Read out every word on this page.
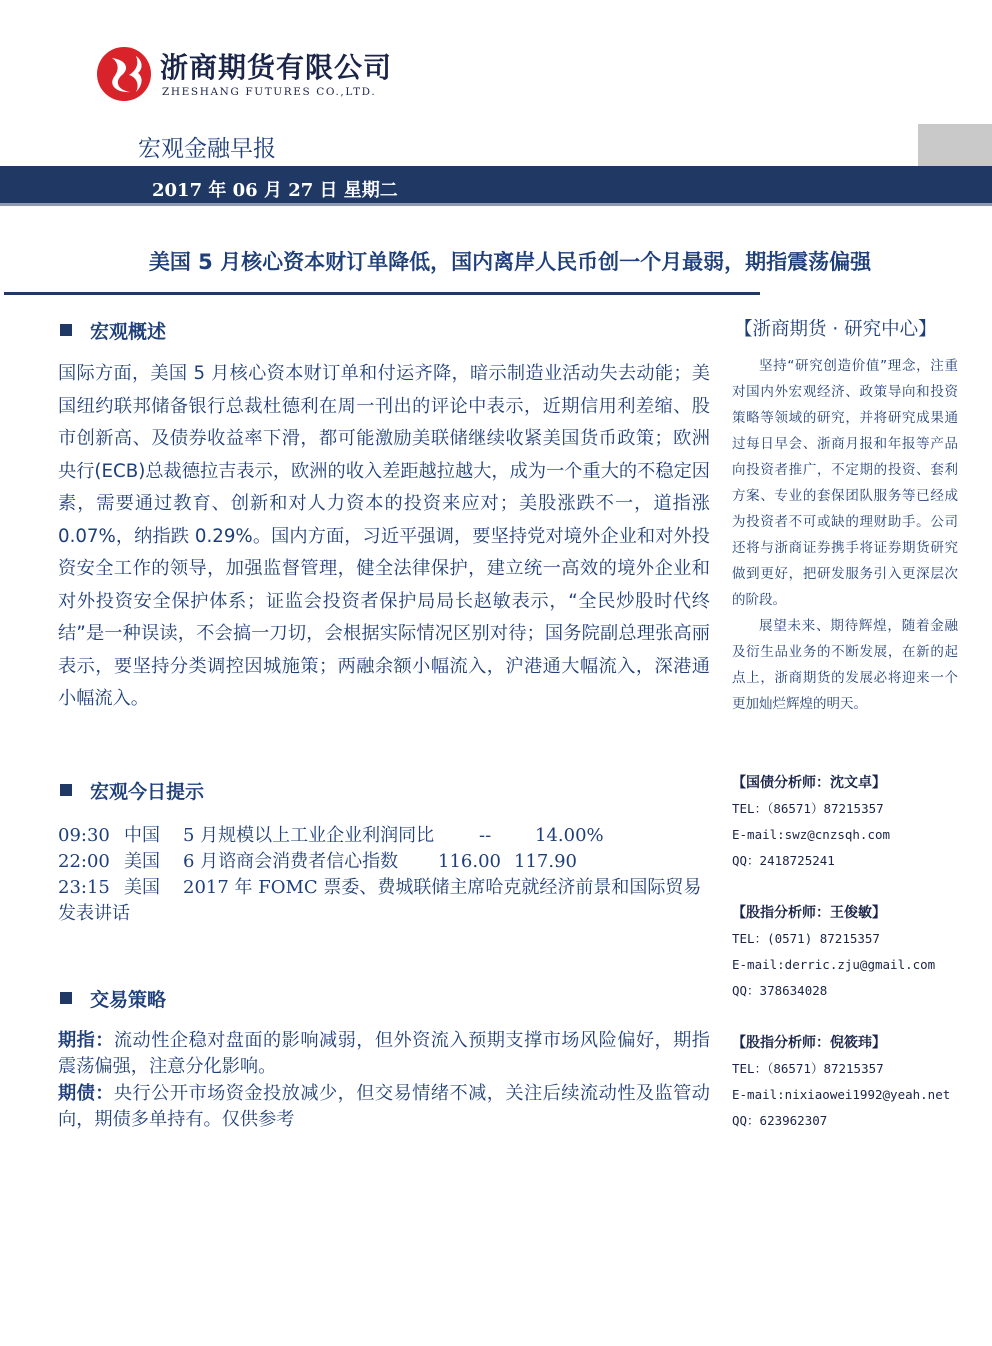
浙商期货有限公司
ZHESHANG FUTURES CO.,LTD.
宏观金融早报
2017 年 06 月 27 日 星期二
美国 5 月核心资本财订单降低，国内离岸人民币创一个月最弱，期指震荡偏强
宏观概述
国际方面，美国 5 月核心资本财订单和付运齐降，暗示制造业活动失去动能；美国纽约联邦储备银行总裁杜德利在周一刊出的评论中表示，近期信用利差缩、股市创新高、及债券收益率下滑，都可能激励美联储继续收紧美国货币政策；欧洲央行(ECB)总裁德拉吉表示，欧洲的收入差距越拉越大，成为一个重大的不稳定因素，需要通过教育、创新和对人力资本的投资来应对；美股涨跌不一，道指涨 0.07%，纳指跌 0.29%。国内方面，习近平强调，要坚持党对境外企业和对外投资安全工作的领导，加强监督管理，健全法律保护，建立统一高效的境外企业和对外投资安全保护体系；证监会投资者保护局局长赵敏表示，“全民炒股时代终结”是一种误读，不会搞一刀切，会根据实际情况区别对待；国务院副总理张高丽表示，要坚持分类调控因城施策；两融余额小幅流入，沪港通大幅流入，深港通小幅流入。
宏观今日提示
09:30 中国 5 月规模以上工业企业利润同比 -- 14.00%
22:00 美国 6 月谘商会消费者信心指数 116.00 117.90
23:15 美国 2017 年 FOMC 票委、费城联储主席哈克就经济前景和国际贸易发表讲话
交易策略
期指：流动性企稳对盘面的影响减弱，但外资流入预期支撑市场风险偏好，期指震荡偏强，注意分化影响。
期债：央行公开市场资金投放减少，但交易情绪不减，关注后续流动性及监管动向，期债多单持有。仅供参考
【浙商期货 · 研究中心】
坚持“研究创造价值”理念，注重对国内外宏观经济、政策导向和投资策略等领域的研究，并将研究成果通过每日早会、浙商月报和年报等产品向投资者推广，不定期的投资、套利方案、专业的套保团队服务等已经成为投资者不可或缺的理财助手。公司还将与浙商证券携手将证券期货研究做到更好，把研发服务引入更深层次的阶段。
展望未来、期待辉煌，随着金融及衍生品业务的不断发展，在新的起点上，浙商期货的发展必将迎来一个更加灿烂辉煌的明天。
【国债分析师：沈文卓】
TEL：（86571）87215357
E-mail:swz@cnzsqh.com
QQ：2418725241
【股指分析师：王俊敏】
TEL：(0571) 87215357
E-mail:derric.zju@gmail.com
QQ：378634028
【股指分析师：倪筱玮】
TEL：（86571）87215357
E-mail:nixiaowei1992@yeah.net
QQ：623962307
